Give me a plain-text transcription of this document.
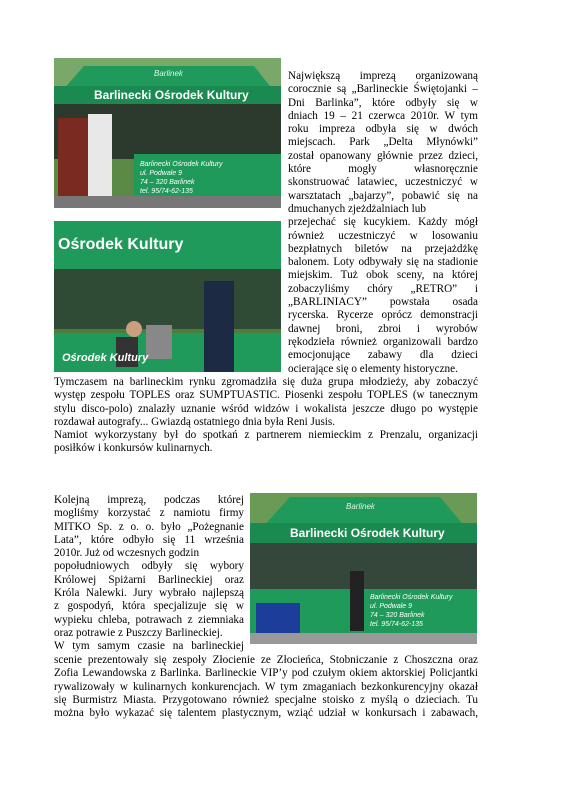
Barlinek
Barlinecki Ośrodek Kultury
Barlinecki Ośrodek Kultury
ul. Podwale 9
74 – 320 Barlinek
tel. 95/74-62-135
Ośrodek Kultury
Ośrodek Kultury
Barlinek
Barlinecki Ośrodek Kultury
Barlinecki Ośrodek Kultury
ul. Podwale 9
74 – 320 Barlinek
tel. 95/74-62-135
Największą imprezą organizowaną
corocznie są „Barlineckie Świętojanki –
Dni Barlinka”, które odbyły się w
dniach 19 – 21 czerwca 2010r. W tym
roku impreza odbyła się w dwóch
miejscach. Park „Delta Młynówki”
został opanowany głównie przez dzieci,
które mogły własnoręcznie
skonstruować latawiec, uczestniczyć w
warsztatach „bajarzy”, pobawić się na
dmuchanych zjeżdżalniach lub
przejechać się kucykiem. Każdy mógł
również uczestniczyć w losowaniu
bezpłatnych biletów na przejażdżkę
balonem. Loty odbywały się na stadionie
miejskim. Tuż obok sceny, na której
zobaczyliśmy chóry „RETRO” i
„BARLINIACY” powstała osada
rycerska. Rycerze oprócz demonstracji
dawnej broni, zbroi i wyrobów
rękodzieła również organizowali bardzo
emocjonujące zabawy dla dzieci
ocierające się o elementy historyczne.
Tymczasem na barlineckim rynku zgromadziła się duża grupa młodzieży, aby zobaczyć
występ zespołu TOPLES oraz SUMPTUASTIC. Piosenki zespołu TOPLES (w tanecznym
stylu disco-polo) znalazły uznanie wśród widzów i wokalista jeszcze długo po występie
rozdawał autografy... Gwiazdą ostatniego dnia była Reni Jusis.
Namiot wykorzystany był do spotkań z partnerem niemieckim z Prenzalu, organizacji
posiłków i konkursów kulinarnych.
Kolejną imprezą, podczas której
mogliśmy korzystać z namiotu firmy
MITKO Sp. z o. o. było „Pożegnanie
Lata”, które odbyło się 11 września
2010r. Już od wczesnych godzin
popołudniowych odbyły się wybory
Królowej Spiżarni Barlineckiej oraz
Króla Nalewki. Jury wybrało najlepszą
z gospodyń, która specjalizuje się w
wypieku chleba, potrawach z ziemniaka
oraz potrawie z Puszczy Barlineckiej.
W tym samym czasie na barlineckiej
scenie prezentowały się zespoły Złocienie ze Złocieńca, Stobniczanie z Choszczna oraz
Zofia Lewandowska z Barlinka. Barlineckie VIP’y pod czułym okiem aktorskiej Policjantki
rywalizowały w kulinarnych konkurencjach. W tym zmaganiach bezkonkurencyjny okazał
się Burmistrz Miasta. Przygotowano również specjalne stoisko z myślą o dzieciach. Tu
można było wykazać się talentem plastycznym, wziąć udział w konkursach i zabawach,
